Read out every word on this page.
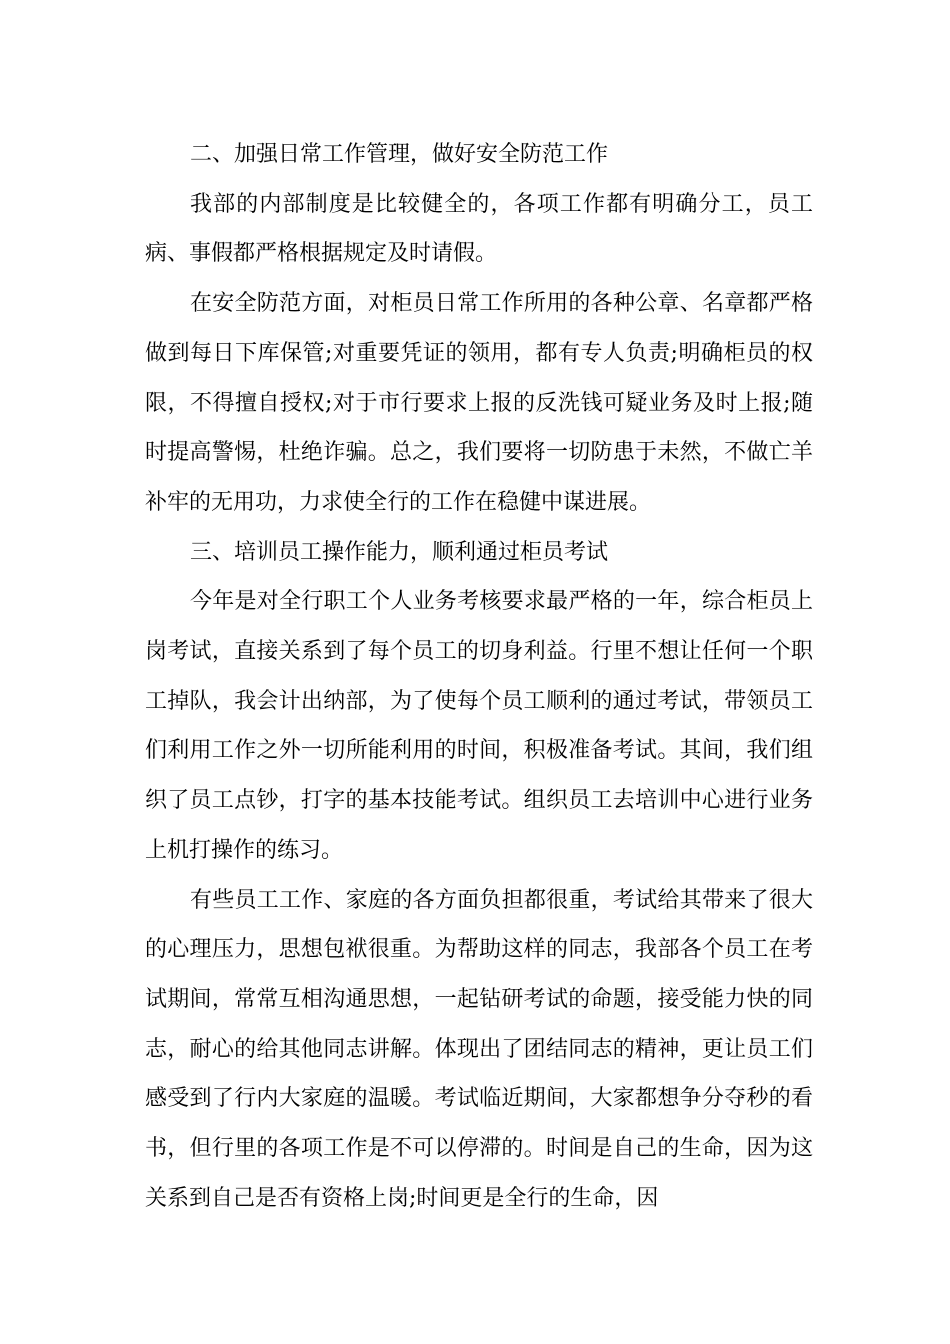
二、加强日常工作管理，做好安全防范工作

我部的内部制度是比较健全的，各项工作都有明确分工，员工病、事假都严格根据规定及时请假。

在安全防范方面，对柜员日常工作所用的各种公章、名章都严格做到每日下库保管;对重要凭证的领用，都有专人负责;明确柜员的权限，不得擅自授权;对于市行要求上报的反洗钱可疑业务及时上报;随时提高警惕，杜绝诈骗。总之，我们要将一切防患于未然，不做亡羊补牢的无用功，力求使全行的工作在稳健中谋进展。

三、培训员工操作能力，顺利通过柜员考试

今年是对全行职工个人业务考核要求最严格的一年，综合柜员上岗考试，直接关系到了每个员工的切身利益。行里不想让任何一个职工掉队，我会计出纳部，为了使每个员工顺利的通过考试，带领员工们利用工作之外一切所能利用的时间，积极准备考试。其间，我们组织了员工点钞，打字的基本技能考试。组织员工去培训中心进行业务上机打操作的练习。

有些员工工作、家庭的各方面负担都很重，考试给其带来了很大的心理压力，思想包袱很重。为帮助这样的同志，我部各个员工在考试期间，常常互相沟通思想，一起钻研考试的命题，接受能力快的同志，耐心的给其他同志讲解。体现出了团结同志的精神，更让员工们感受到了行内大家庭的温暖。考试临近期间，大家都想争分夺秒的看书，但行里的各项工作是不可以停滞的。时间是自己的生命，因为这关系到自己是否有资格上岗;时间更是全行的生命，因
